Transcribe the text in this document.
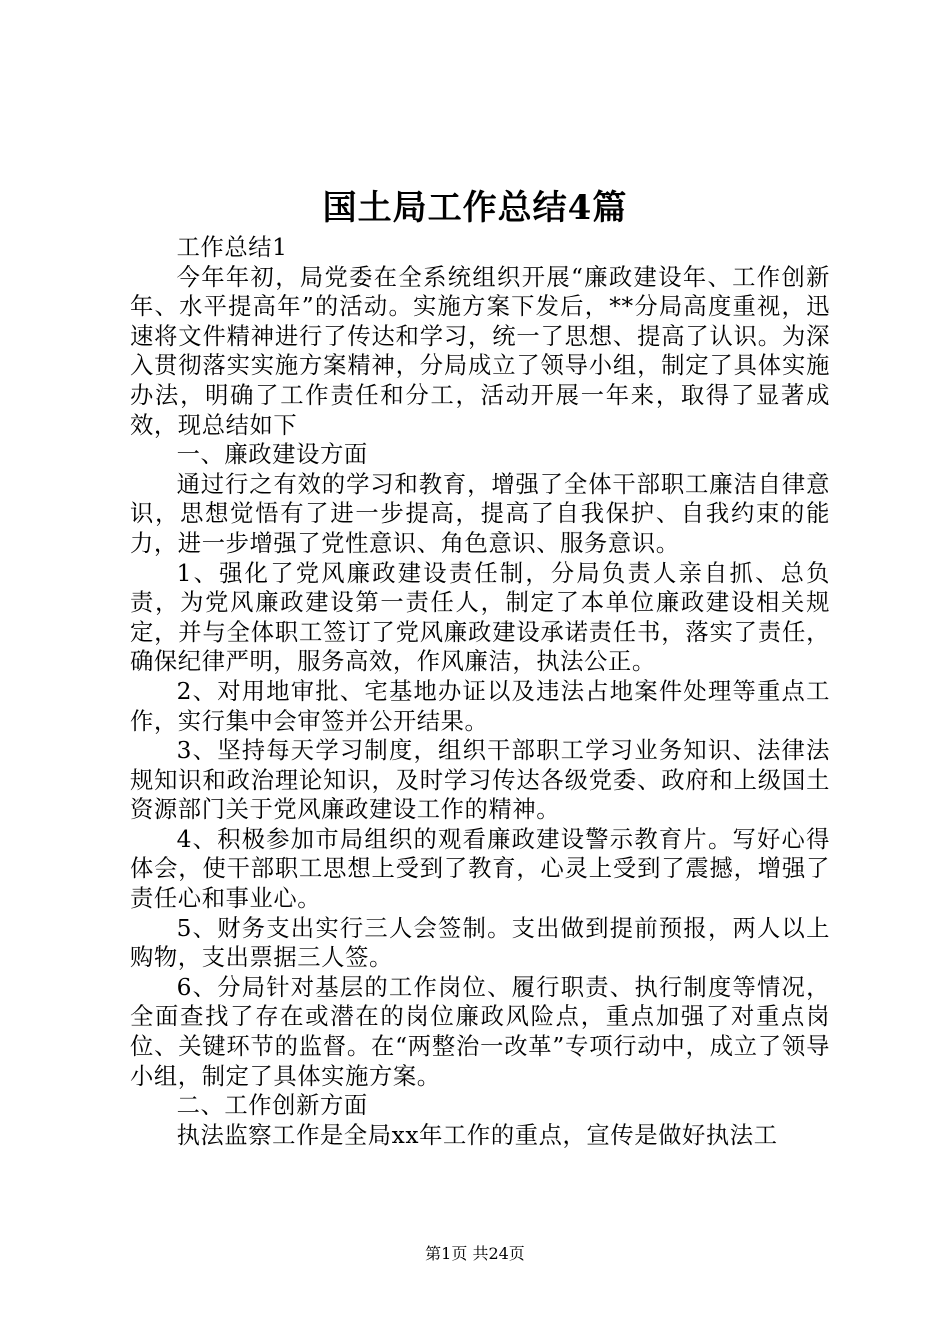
国土局工作总结4篇

工作总结1

今年年初，局党委在全系统组织开展“廉政建设年、工作创新年、水平提高年”的活动。实施方案下发后，**分局高度重视，迅速将文件精神进行了传达和学习，统一了思想、提高了认识。为深入贯彻落实实施方案精神，分局成立了领导小组，制定了具体实施办法，明确了工作责任和分工，活动开展一年来，取得了显著成效，现总结如下

一、廉政建设方面

通过行之有效的学习和教育，增强了全体干部职工廉洁自律意识，思想觉悟有了进一步提高，提高了自我保护、自我约束的能力，进一步增强了党性意识、角色意识、服务意识。

1、强化了党风廉政建设责任制，分局负责人亲自抓、总负责，为党风廉政建设第一责任人，制定了本单位廉政建设相关规定，并与全体职工签订了党风廉政建设承诺责任书，落实了责任，确保纪律严明，服务高效，作风廉洁，执法公正。

2、对用地审批、宅基地办证以及违法占地案件处理等重点工作，实行集中会审签并公开结果。

3、坚持每天学习制度，组织干部职工学习业务知识、法律法规知识和政治理论知识，及时学习传达各级党委、政府和上级国土资源部门关于党风廉政建设工作的精神。

4、积极参加市局组织的观看廉政建设警示教育片。写好心得体会，使干部职工思想上受到了教育，心灵上受到了震撼，增强了责任心和事业心。

5、财务支出实行三人会签制。支出做到提前预报，两人以上购物，支出票据三人签。

6、分局针对基层的工作岗位、履行职责、执行制度等情况，全面查找了存在或潜在的岗位廉政风险点，重点加强了对重点岗位、关键环节的监督。在“两整治一改革”专项行动中，成立了领导小组，制定了具体实施方案。

二、工作创新方面

执法监察工作是全局xx年工作的重点，宣传是做好执法工

第1页 共24页
